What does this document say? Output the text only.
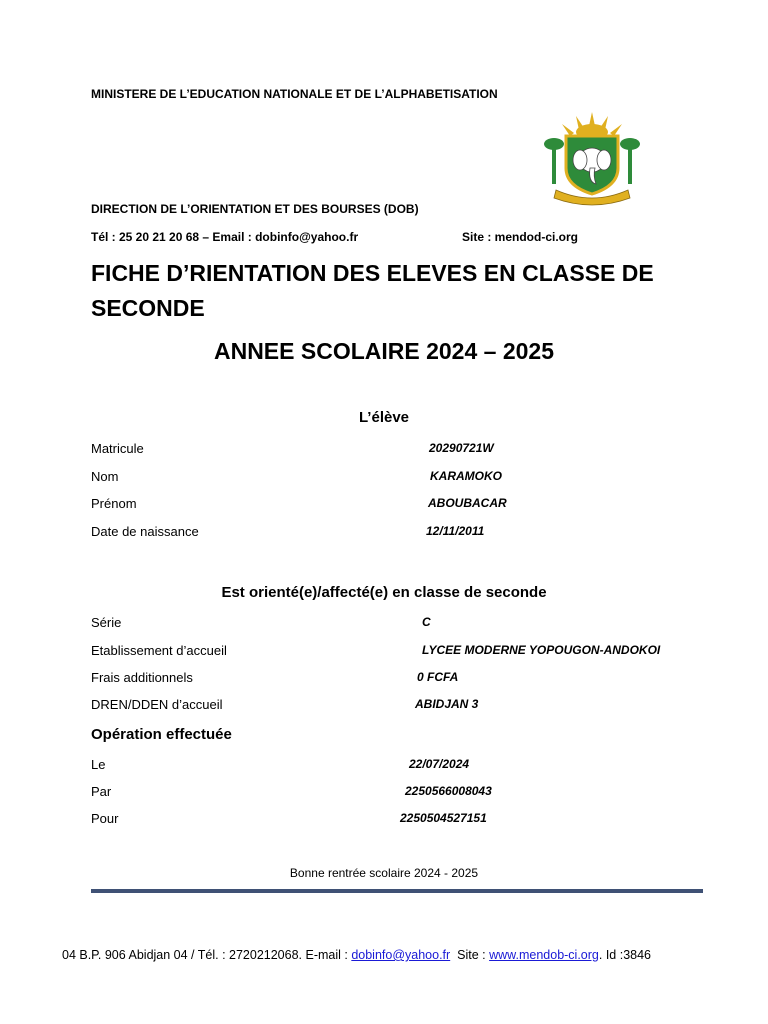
MINISTERE DE L’EDUCATION NATIONALE ET DE L’ALPHABETISATION
DIRECTION DE L’ORIENTATION ET DES BOURSES (DOB)
Tél : 25 20 21 20 68 – Email : dobinfo@yahoo.fr	Site : mendod-ci.org
FICHE D’RIENTATION DES ELEVES EN CLASSE DE SECONDE
ANNEE SCOLAIRE 2024 – 2025
L’élève
Matricule	20290721W
Nom	KARAMOKO
Prénom	ABOUBACAR
Date de naissance	12/11/2011
Est orienté(e)/affecté(e) en classe de seconde
Série	C
Etablissement d’accueil	LYCEE MODERNE YOPOUGON-ANDOKOI
Frais additionnels	0 FCFA
DREN/DDEN d’accueil	ABIDJAN 3
Opération effectuée
Le	22/07/2024
Par	2250566008043
Pour	2250504527151
Bonne rentrée scolaire 2024 - 2025
04 B.P. 906 Abidjan 04 / Tél. : 2720212068. E-mail : dobinfo@yahoo.fr  Site : www.mendob-ci.org. Id :3846
